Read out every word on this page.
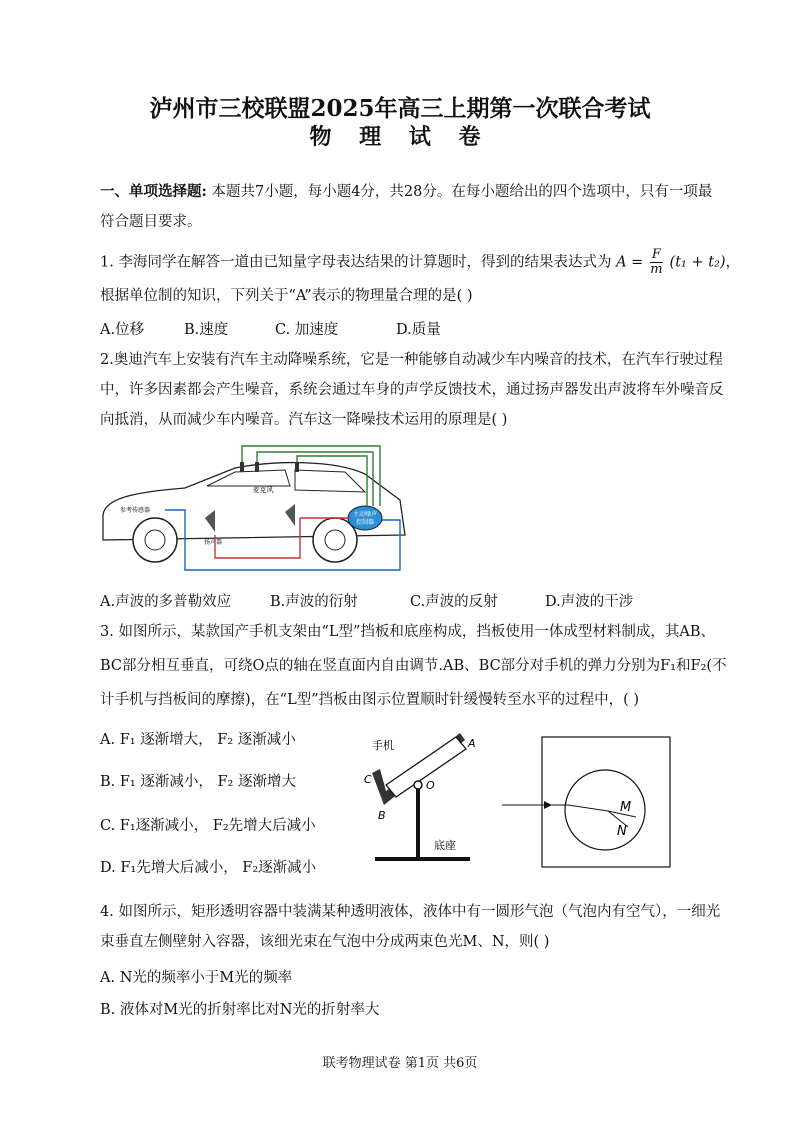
泸州市三校联盟2025年高三上期第一次联合考试
物 理 试 卷
一、单项选择题: 本题共7小题，每小题4分，共28分。在每小题给出的四个选项中，只有一项最
符合题目要求。
1. 李海同学在解答一道由已知量字母表达结果的计算题时，得到的结果表达式为 $A = \frac{F}{m} (t_1 + t_2)$，
根据单位制的知识，下列关于“A”表示的物理量合理的是( )
A.位移	B.速度	C. 加速度	D.质量
2.奥迪汽车上安装有汽车主动降噪系统，它是一种能够自动减少车内噪音的技术，在汽车行驶过程
中，许多因素都会产生噪音，系统会通过车身的声学反馈技术，通过扬声器发出声波将车外噪音反
向抵消，从而减少车内噪音。汽车这一降噪技术运用的原理是( )
主动噪声
控制器
麦克风
参考传感器
扬声器
A.声波的多普勒效应	B.声波的衍射	C.声波的反射	D.声波的干涉
3. 如图所示，某款国产手机支架由“L型”挡板和底座构成，挡板使用一体成型材料制成，其AB、
BC部分相互垂直，可绕O点的轴在竖直面内自由调节.AB、BC部分对手机的弹力分别为F₁和F₂(不
计手机与挡板间的摩擦)，在“L型”挡板由图示位置顺时针缓慢转至水平的过程中，( )
A. F₁ 逐渐增大， F₂ 逐渐减小
B. F₁ 逐渐减小， F₂ 逐渐增大
C. F₁逐渐减小， F₂先增大后减小
D. F₁先增大后减小， F₂逐渐减小
手机	A
C
B
O
底座
M
N
4. 如图所示，矩形透明容器中装满某种透明液体，液体中有一圆形气泡（气泡内有空气），一细光
束垂直左侧壁射入容器，该细光束在气泡中分成两束色光M、N，则( )
A. N光的频率小于M光的频率
B. 液体对M光的折射率比对N光的折射率大
联考物理试卷 第1页 共6页
